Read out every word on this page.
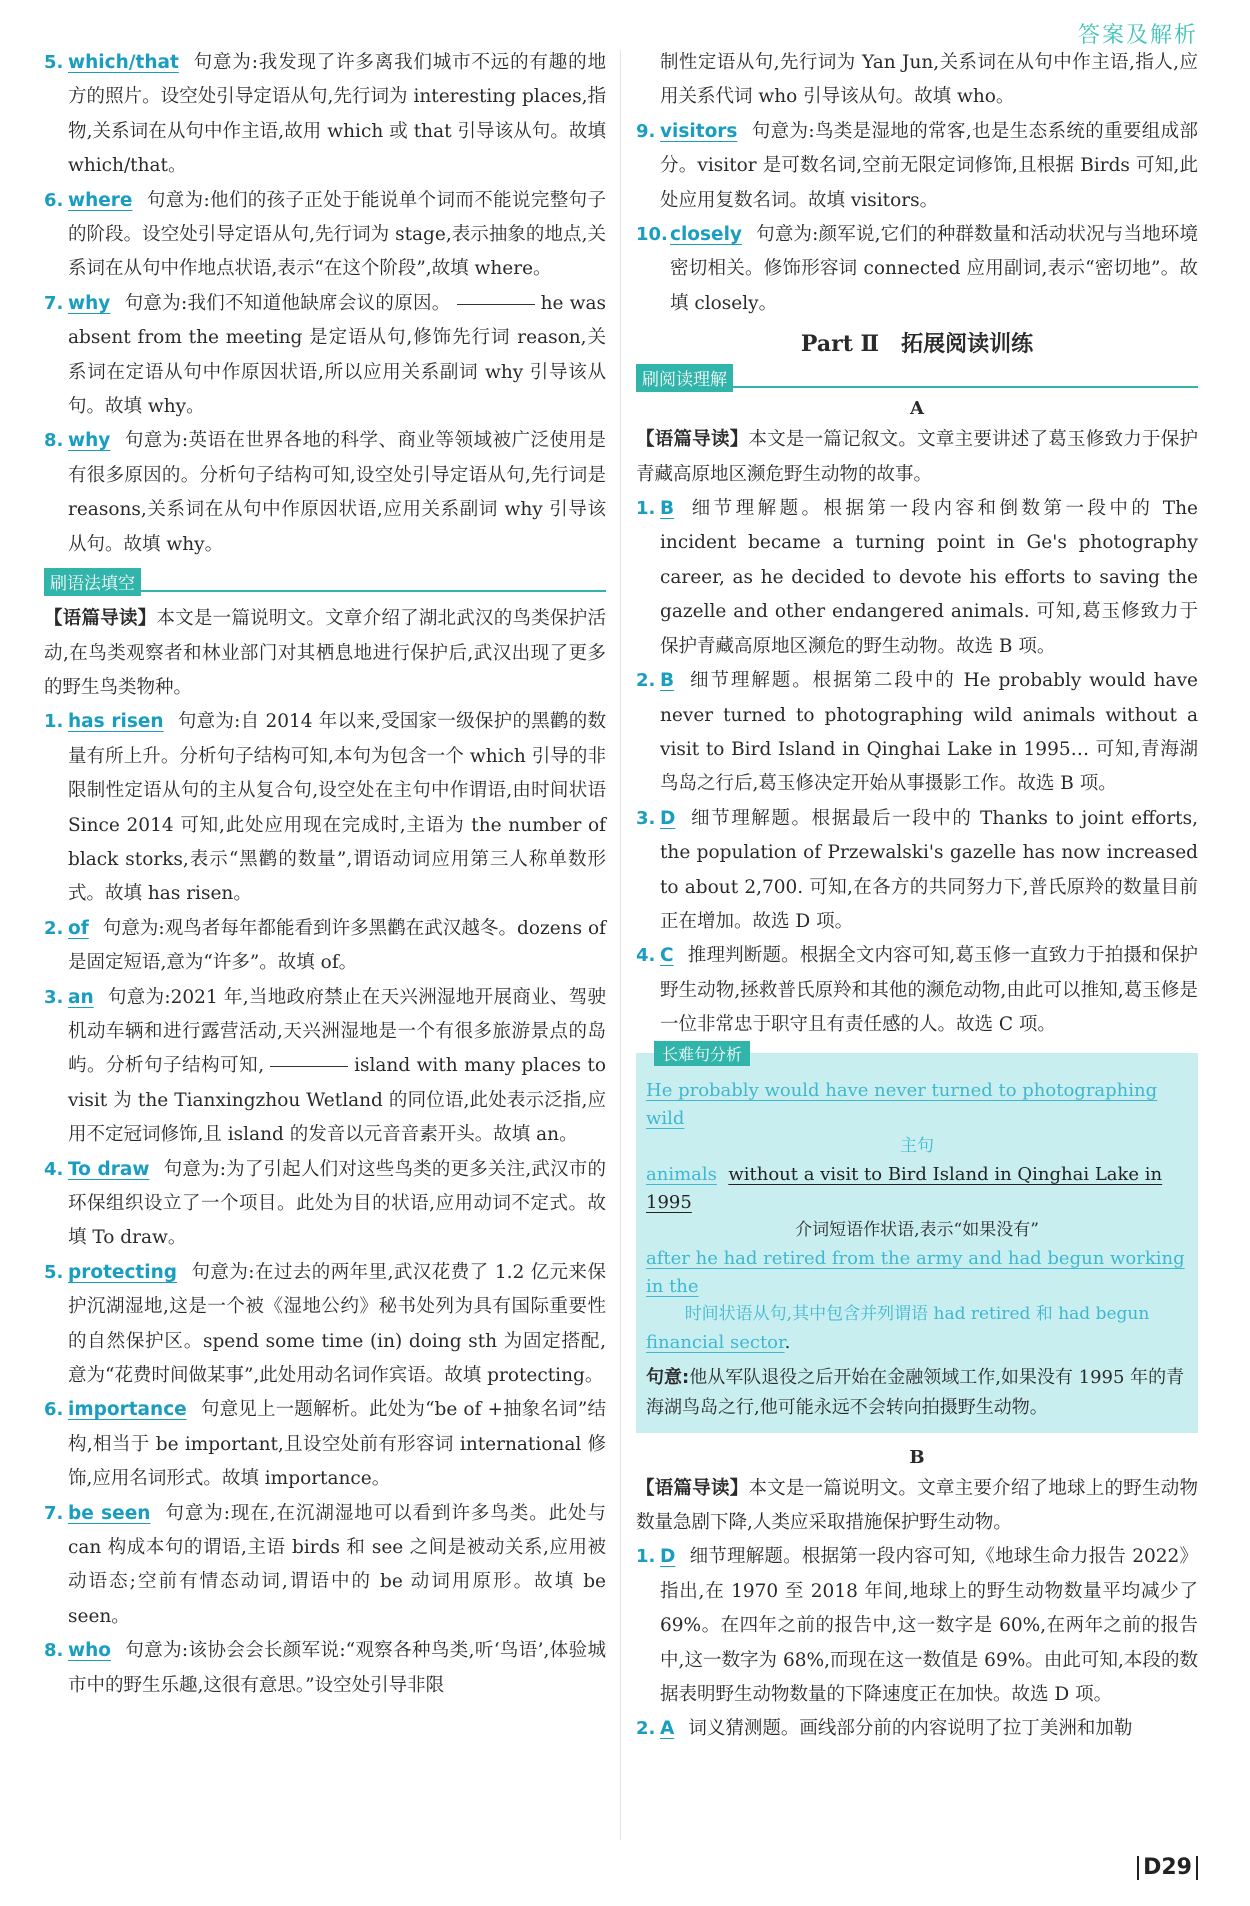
答案及解析
5. which/that 句意为:我发现了许多离我们城市不远的有趣的地方的照片。设空处引导定语从句,先行词为 interesting places,指物,关系词在从句中作主语,故用 which 或 that 引导该从句。故填 which/that。
6. where 句意为:他们的孩子正处于能说单个词而不能说完整句子的阶段。设空处引导定语从句,先行词为 stage,表示抽象的地点,关系词在从句中作地点状语,表示“在这个阶段”,故填 where。
7. why 句意为:我们不知道他缺席会议的原因。	he was absent from the meeting 是定语从句,修饰先行词 reason,关系词在定语从句中作原因状语,所以应用关系副词 why 引导该从句。故填 why。
8. why 句意为:英语在世界各地的科学、商业等领域被广泛使用是有很多原因的。分析句子结构可知,设空处引导定语从句,先行词是 reasons,关系词在从句中作原因状语,应用关系副词 why 引导该从句。故填 why。
刷语法填空
【语篇导读】本文是一篇说明文。文章介绍了湖北武汉的鸟类保护活动,在鸟类观察者和林业部门对其栖息地进行保护后,武汉出现了更多的野生鸟类物种。
1. has risen 句意为:自 2014 年以来,受国家一级保护的黑鹳的数量有所上升。分析句子结构可知,本句为包含一个 which 引导的非限制性定语从句的主从复合句,设空处在主句中作谓语,由时间状语 Since 2014 可知,此处应用现在完成时,主语为 the number of black storks,表示“黑鹳的数量”,谓语动词应用第三人称单数形式。故填 has risen。
2. of 句意为:观鸟者每年都能看到许多黑鹳在武汉越冬。dozens of 是固定短语,意为“许多”。故填 of。
3. an 句意为:2021 年,当地政府禁止在天兴洲湿地开展商业、驾驶机动车辆和进行露营活动,天兴洲湿地是一个有很多旅游景点的岛屿。分析句子结构可知,	island with many places to visit 为 the Tianxingzhou Wetland 的同位语,此处表示泛指,应用不定冠词修饰,且 island 的发音以元音音素开头。故填 an。
4. To draw 句意为:为了引起人们对这些鸟类的更多关注,武汉市的环保组织设立了一个项目。此处为目的状语,应用动词不定式。故填 To draw。
5. protecting 句意为:在过去的两年里,武汉花费了 1.2 亿元来保护沉湖湿地,这是一个被《湿地公约》秘书处列为具有国际重要性的自然保护区。spend some time (in) doing sth 为固定搭配,意为“花费时间做某事”,此处用动名词作宾语。故填 protecting。
6. importance 句意见上一题解析。此处为“be of +抽象名词”结构,相当于 be important,且设空处前有形容词 international 修饰,应用名词形式。故填 importance。
7. be seen 句意为:现在,在沉湖湿地可以看到许多鸟类。此处与 can 构成本句的谓语,主语 birds 和 see 之间是被动关系,应用被动语态;空前有情态动词,谓语中的 be 动词用原形。故填 be seen。
8. who 句意为:该协会会长颜军说:“观察各种鸟类,听‘鸟语’,体验城市中的野生乐趣,这很有意思。”设空处引导非限
制性定语从句,先行词为 Yan Jun,关系词在从句中作主语,指人,应用关系代词 who 引导该从句。故填 who。
9. visitors 句意为:鸟类是湿地的常客,也是生态系统的重要组成部分。visitor 是可数名词,空前无限定词修饰,且根据 Birds 可知,此处应用复数名词。故填 visitors。
10. closely 句意为:颜军说,它们的种群数量和活动状况与当地环境密切相关。修饰形容词 connected 应用副词,表示“密切地”。故填 closely。
Part Ⅱ　拓展阅读训练
刷阅读理解
A
【语篇导读】本文是一篇记叙文。文章主要讲述了葛玉修致力于保护青藏高原地区濒危野生动物的故事。
1. B 细节理解题。根据第一段内容和倒数第一段中的 The incident became a turning point in Ge's photography career, as he decided to devote his efforts to saving the gazelle and other endangered animals. 可知,葛玉修致力于保护青藏高原地区濒危的野生动物。故选 B 项。
2. B 细节理解题。根据第二段中的 He probably would have never turned to photographing wild animals without a visit to Bird Island in Qinghai Lake in 1995… 可知,青海湖鸟岛之行后,葛玉修决定开始从事摄影工作。故选 B 项。
3. D 细节理解题。根据最后一段中的 Thanks to joint efforts, the population of Przewalski's gazelle has now increased to about 2,700. 可知,在各方的共同努力下,普氏原羚的数量目前正在增加。故选 D 项。
4. C 推理判断题。根据全文内容可知,葛玉修一直致力于拍摄和保护野生动物,拯救普氏原羚和其他的濒危动物,由此可以推知,葛玉修是一位非常忠于职守且有责任感的人。故选 C 项。
长难句分析
He probably would have never turned to photographing wild
主句
animals without a visit to Bird Island in Qinghai Lake in 1995
介词短语作状语,表示“如果没有”
after he had retired from the army and had begun working in the
时间状语从句,其中包含并列谓语 had retired 和 had begun
financial sector.
句意:他从军队退役之后开始在金融领域工作,如果没有 1995 年的青海湖鸟岛之行,他可能永远不会转向拍摄野生动物。
B
【语篇导读】本文是一篇说明文。文章主要介绍了地球上的野生动物数量急剧下降,人类应采取措施保护野生动物。
1. D 细节理解题。根据第一段内容可知,《地球生命力报告 2022》指出,在 1970 至 2018 年间,地球上的野生动物数量平均减少了 69%。在四年之前的报告中,这一数字是 60%,在两年之前的报告中,这一数字为 68%,而现在这一数值是 69%。由此可知,本段的数据表明野生动物数量的下降速度正在加快。故选 D 项。
2. A 词义猜测题。画线部分前的内容说明了拉丁美洲和加勒
D29
